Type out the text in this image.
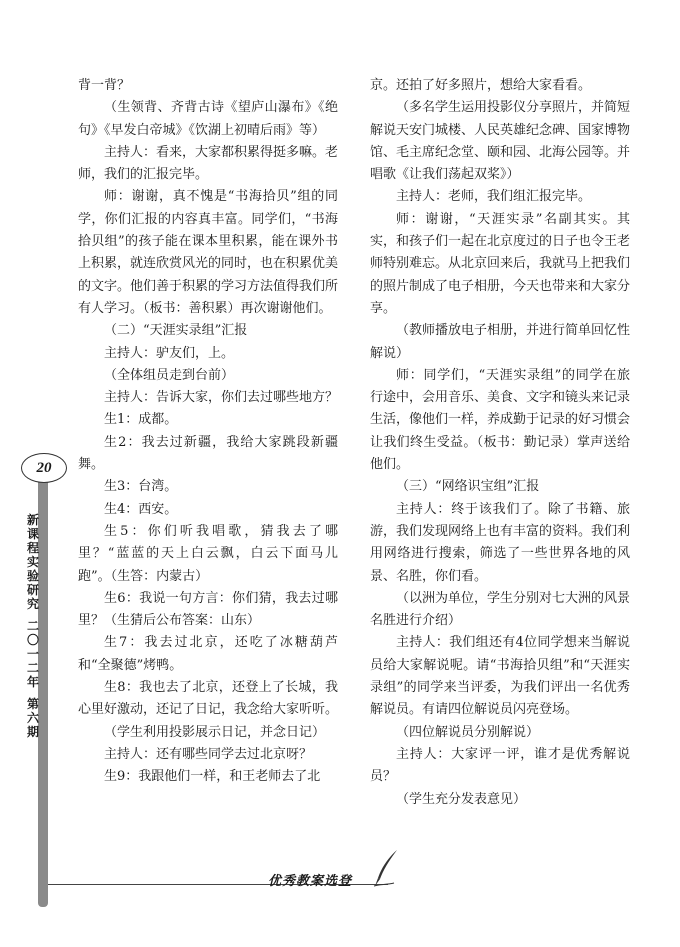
20
新
课
程
实
验
研
究
二
〇
一
二
年
第
六
期

背一背？

（生领背、齐背古诗《望庐山瀑布》《绝句》《早发白帝城》《饮湖上初晴后雨》等）

主持人：看来，大家都积累得挺多嘛。老师，我们的汇报完毕。

师：谢谢，真不愧是“书海拾贝”组的同学，你们汇报的内容真丰富。同学们，“书海拾贝组”的孩子能在课本里积累，能在课外书上积累，就连欣赏风光的同时，也在积累优美的文字。他们善于积累的学习方法值得我们所有人学习。（板书：善积累）再次谢谢他们。

（二）“天涯实录组”汇报

主持人：驴友们，上。

（全体组员走到台前）

主持人：告诉大家，你们去过哪些地方？

生1：成都。

生2：我去过新疆，我给大家跳段新疆舞。

生3：台湾。

生4：西安。

生5：你们听我唱歌，猜我去了哪里？“蓝蓝的天上白云飘，白云下面马儿跑”。（生答：内蒙古）

生6：我说一句方言：你们猜，我去过哪里？（生猜后公布答案：山东）

生7：我去过北京，还吃了冰糖葫芦和“全聚德”烤鸭。

生8：我也去了北京，还登上了长城，我心里好激动，还记了日记，我念给大家听听。

（学生利用投影展示日记，并念日记）

主持人：还有哪些同学去过北京呀？

生9：我跟他们一样，和王老师去了北

京。还拍了好多照片，想给大家看看。

（多名学生运用投影仪分享照片，并简短解说天安门城楼、人民英雄纪念碑、国家博物馆、毛主席纪念堂、颐和园、北海公园等。并唱歌《让我们荡起双桨》）

主持人：老师，我们组汇报完毕。

师：谢谢，“天涯实录”名副其实。其实，和孩子们一起在北京度过的日子也令王老师特别难忘。从北京回来后，我就马上把我们的照片制成了电子相册，今天也带来和大家分享。

（教师播放电子相册，并进行简单回忆性解说）

师：同学们，“天涯实录组”的同学在旅行途中，会用音乐、美食、文字和镜头来记录生活，像他们一样，养成勤于记录的好习惯会让我们终生受益。（板书：勤记录）掌声送给他们。

（三）“网络识宝组”汇报

主持人：终于该我们了。除了书籍、旅游，我们发现网络上也有丰富的资料。我们利用网络进行搜索，筛选了一些世界各地的风景、名胜，你们看。

（以洲为单位，学生分别对七大洲的风景名胜进行介绍）

主持人：我们组还有4位同学想来当解说员给大家解说呢。请“书海拾贝组”和“天涯实录组”的同学来当评委，为我们评出一名优秀解说员。有请四位解说员闪亮登场。

（四位解说员分别解说）

主持人：大家评一评，谁才是优秀解说员？

（学生充分发表意见）

优秀教案选登
